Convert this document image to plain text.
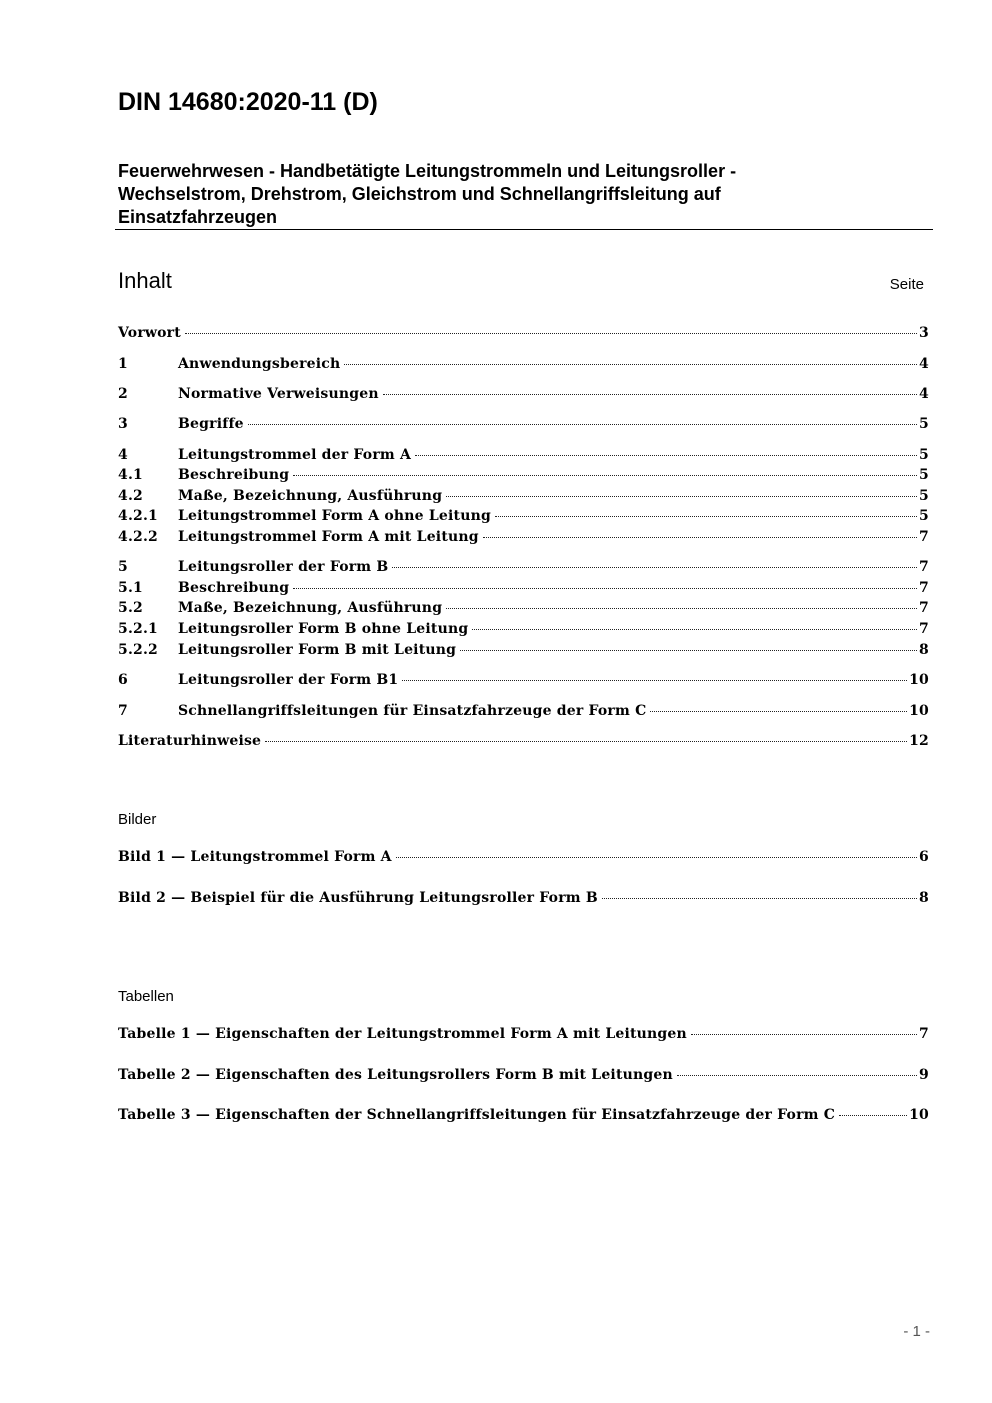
DIN 14680:2020-11 (D)
Feuerwehrwesen - Handbetätigte Leitungstrommeln und Leitungsroller -
Wechselstrom, Drehstrom, Gleichstrom und Schnellangriffsleitung auf
Einsatzfahrzeugen
Inhalt	Seite
Vorwort	3
1	Anwendungsbereich	4
2	Normative Verweisungen	4
3	Begriffe	5
4	Leitungstrommel der Form A	5
4.1	Beschreibung	5
4.2	Maße, Bezeichnung, Ausführung	5
4.2.1	Leitungstrommel Form A ohne Leitung	5
4.2.2	Leitungstrommel Form A mit Leitung	7
5	Leitungsroller der Form B	7
5.1	Beschreibung	7
5.2	Maße, Bezeichnung, Ausführung	7
5.2.1	Leitungsroller Form B ohne Leitung	7
5.2.2	Leitungsroller Form B mit Leitung	8
6	Leitungsroller der Form B1	10
7	Schnellangriffsleitungen für Einsatzfahrzeuge der Form C	10
Literaturhinweise	12
Bilder
Bild 1 — Leitungstrommel Form A	6
Bild 2 — Beispiel für die Ausführung Leitungsroller Form B	8
Tabellen
Tabelle 1 — Eigenschaften der Leitungstrommel Form A mit Leitungen	7
Tabelle 2 — Eigenschaften des Leitungsrollers Form B mit Leitungen	9
Tabelle 3 — Eigenschaften der Schnellangriffsleitungen für Einsatzfahrzeuge der Form C	10
- 1 -
